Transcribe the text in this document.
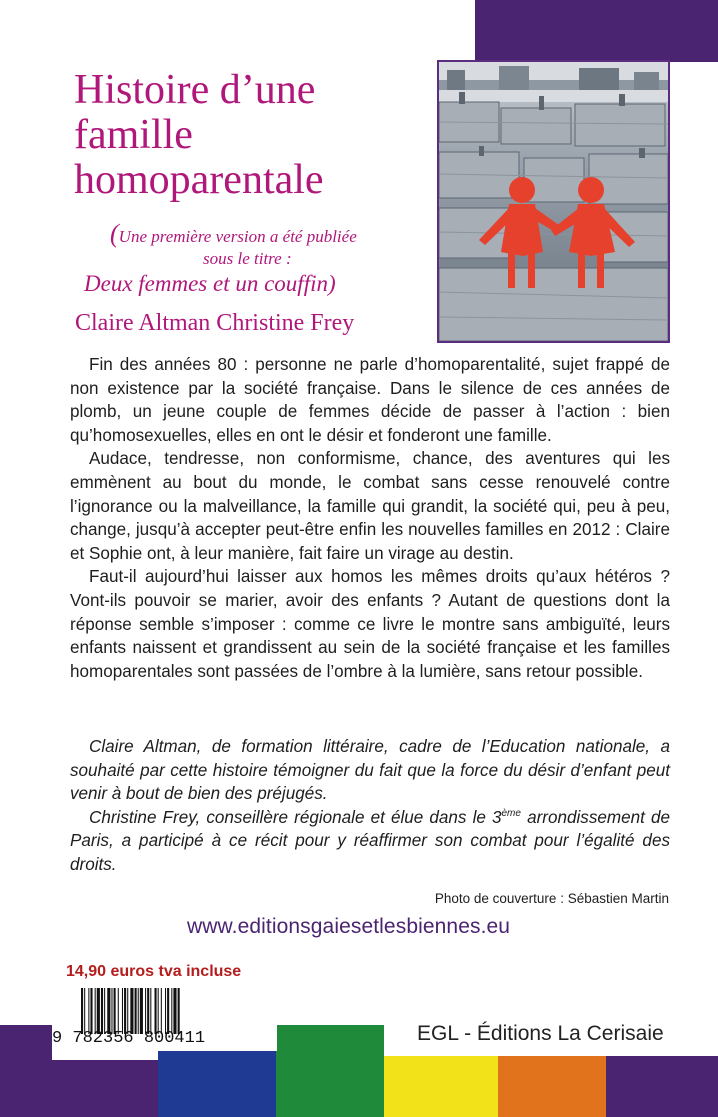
Histoire d’une
famille
homoparentale
(Une première version a été publiée
sous le titre :
Deux femmes et un couffin)
Claire Altman Christine Frey

Fin des années 80 : personne ne parle d’homoparentalité, sujet frappé de non existence par la société française. Dans le silence de ces années de plomb, un jeune couple de femmes décide de passer à l’action : bien qu’homosexuelles, elles en ont le désir et fonderont une famille.

Audace, tendresse, non conformisme, chance, des aventures qui les emmènent au bout du monde, le combat sans cesse renouvelé contre l’ignorance ou la malveillance, la famille qui grandit, la société qui, peu à peu, change, jusqu’à accepter peut-être enfin les nouvelles familles en 2012 : Claire et Sophie ont, à leur manière, fait faire un virage au destin.

Faut-il aujourd’hui laisser aux homos les mêmes droits qu’aux hétéros ? Vont-ils pouvoir se marier, avoir des enfants ? Autant de questions dont la réponse semble s’imposer : comme ce livre le montre sans ambiguïté, leurs enfants naissent et grandissent au sein de la société française et les familles homoparentales sont passées de l’ombre à la lumière, sans retour possible.

Claire Altman, de formation littéraire, cadre de l’Education nationale, a souhaité par cette histoire témoigner du fait que la force du désir d’enfant peut venir à bout de bien des préjugés.

Christine Frey, conseillère régionale et élue dans le 3ème arrondissement de Paris, a participé à ce récit pour y réaffirmer son combat pour l’égalité des droits.

Photo de couverture : Sébastien Martin
www.editionsgaiesetlesbiennes.eu
14,90 euros tva incluse
9 782356 800411	EGL - Éditions La Cerisaie
